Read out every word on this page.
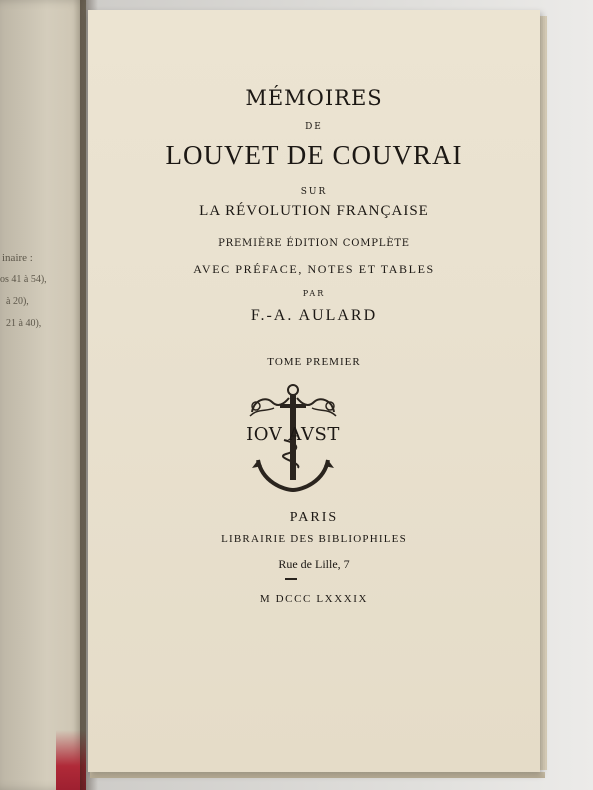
inaire :
os 41 à 54),
à 20),
21 à 40),

MÉMOIRES

DE

LOUVET DE COUVRAI

SUR

LA RÉVOLUTION FRANÇAISE

PREMIÈRE ÉDITION COMPLÈTE

AVEC PRÉFACE, NOTES ET TABLES

PAR

F.-A. AULARD

TOME PREMIER

IOV AVST

PARIS

LIBRAIRIE DES BIBLIOPHILES

Rue de Lille, 7

M DCCC LXXXIX
